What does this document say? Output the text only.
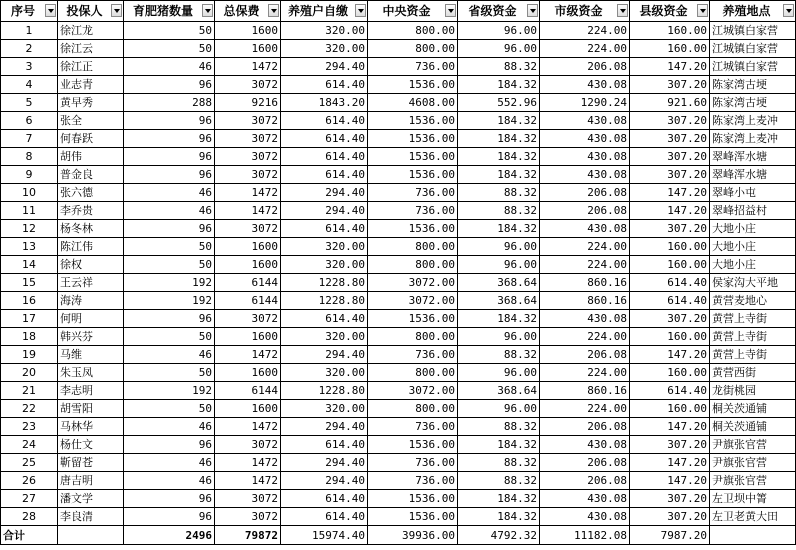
序号	投保人	育肥猪数量	总保费	养殖户自缴	中央资金	省级资金	市级资金	县级资金	养殖地点

1	徐江龙	50	1600	320.00	800.00	96.00	224.00	160.00	江城镇白家营
2	徐江云	50	1600	320.00	800.00	96.00	224.00	160.00	江城镇白家营
3	徐江正	46	1472	294.40	736.00	88.32	206.08	147.20	江城镇白家营
4	业志青	96	3072	614.40	1536.00	184.32	430.08	307.20	陈家湾古埂
5	黄早秀	288	9216	1843.20	4608.00	552.96	1290.24	921.60	陈家湾古埂
6	张全	96	3072	614.40	1536.00	184.32	430.08	307.20	陈家湾上麦冲
7	何春跃	96	3072	614.40	1536.00	184.32	430.08	307.20	陈家湾上麦冲
8	胡伟	96	3072	614.40	1536.00	184.32	430.08	307.20	翠峰浑水塘
9	普金良	96	3072	614.40	1536.00	184.32	430.08	307.20	翠峰浑水塘
10	张六德	46	1472	294.40	736.00	88.32	206.08	147.20	翠峰小屯
11	李乔贵	46	1472	294.40	736.00	88.32	206.08	147.20	翠峰招益村
12	杨冬林	96	3072	614.40	1536.00	184.32	430.08	307.20	大地小庄
13	陈江伟	50	1600	320.00	800.00	96.00	224.00	160.00	大地小庄
14	徐权	50	1600	320.00	800.00	96.00	224.00	160.00	大地小庄
15	王云祥	192	6144	1228.80	3072.00	368.64	860.16	614.40	侯家沟大平地
16	海涛	192	6144	1228.80	3072.00	368.64	860.16	614.40	黄营麦地心
17	何明	96	3072	614.40	1536.00	184.32	430.08	307.20	黄营上寺街
18	韩兴芬	50	1600	320.00	800.00	96.00	224.00	160.00	黄营上寺街
19	马维	46	1472	294.40	736.00	88.32	206.08	147.20	黄营上寺街
20	朱玉凤	50	1600	320.00	800.00	96.00	224.00	160.00	黄营西街
21	李志明	192	6144	1228.80	3072.00	368.64	860.16	614.40	龙街桃园
22	胡雪阳	50	1600	320.00	800.00	96.00	224.00	160.00	桐关茨通铺
23	马林华	46	1472	294.40	736.00	88.32	206.08	147.20	桐关茨通铺
24	杨仕文	96	3072	614.40	1536.00	184.32	430.08	307.20	尹旗张官营
25	靳留苍	46	1472	294.40	736.00	88.32	206.08	147.20	尹旗张官营
26	唐吉明	46	1472	294.40	736.00	88.32	206.08	147.20	尹旗张官营
27	潘文学	96	3072	614.40	1536.00	184.32	430.08	307.20	左卫坝中箐
28	李良清	96	3072	614.40	1536.00	184.32	430.08	307.20	左卫老黄大田
合计		2496	79872	15974.40	39936.00	4792.32	11182.08	7987.20	
